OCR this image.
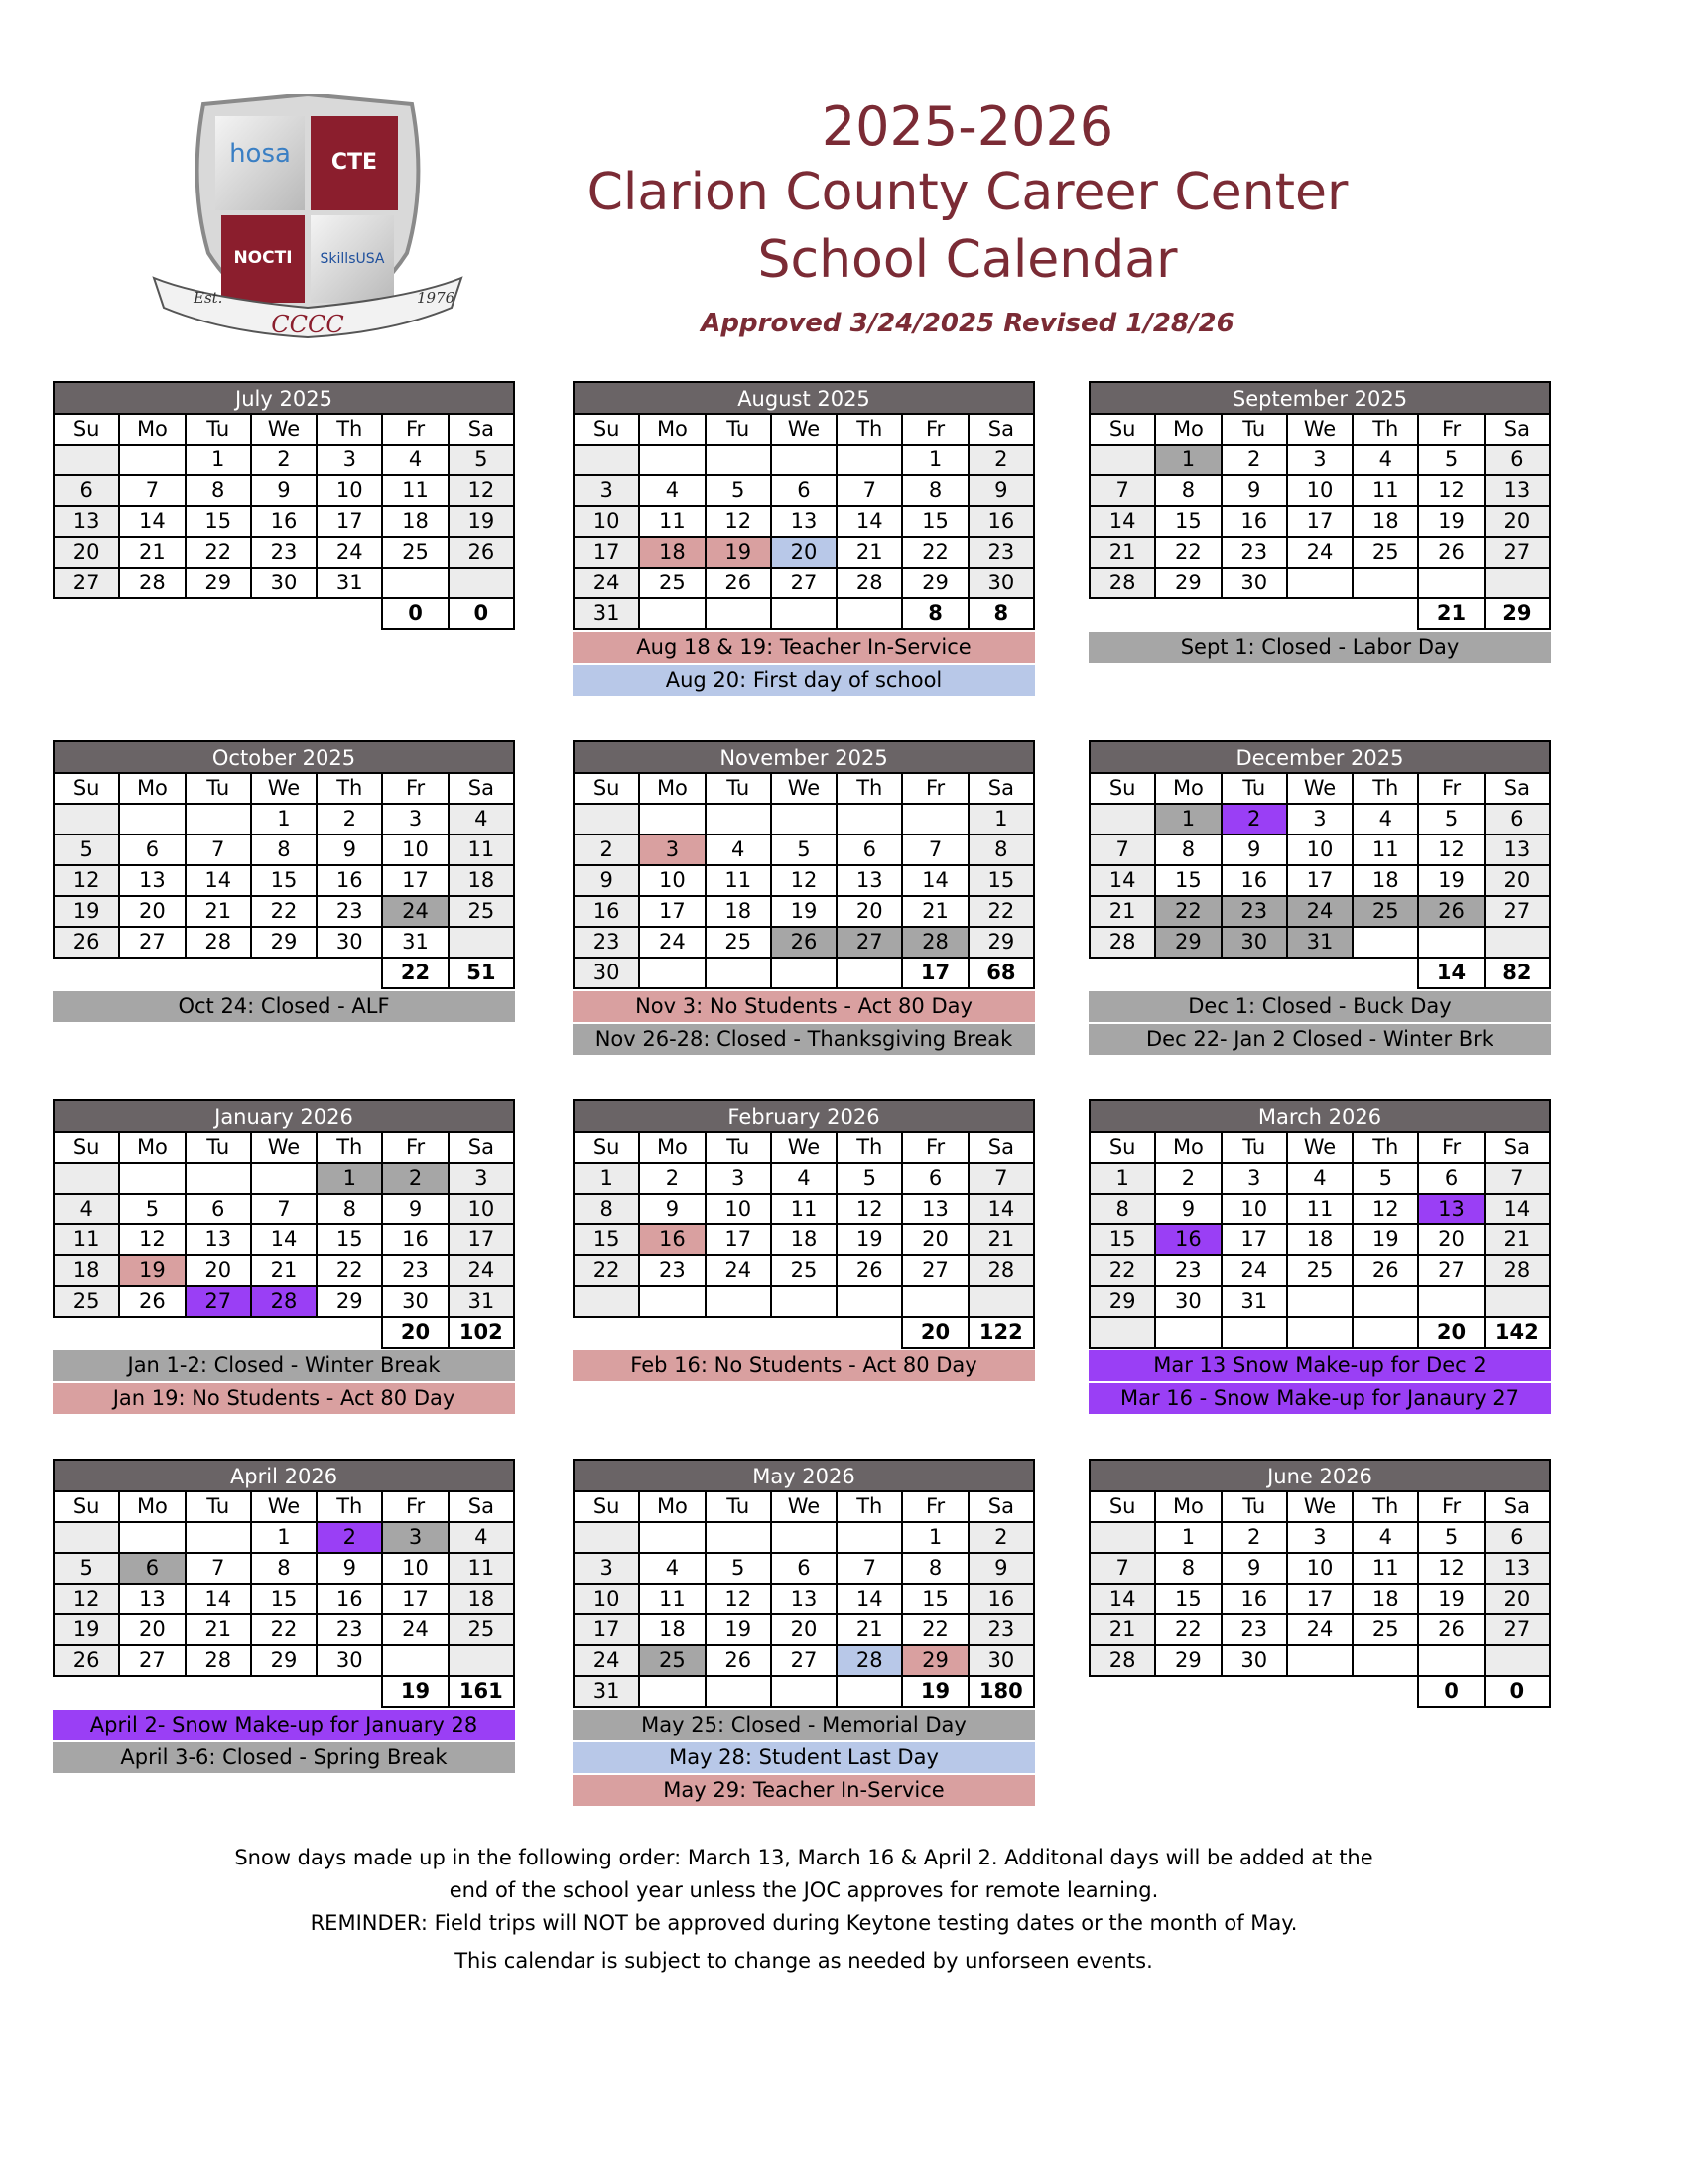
hosa CTE
NOCTI SkillsUSA
Est.	1976
CCCC
2025-2026
Clarion County Career Center
School Calendar
Approved 3/24/2025 Revised 1/28/26
July 2025
Su	Mo	Tu	We	Th	Fr	Sa
		1	2	3	4	5
6	7	8	9	10	11	12
13	14	15	16	17	18	19
20	21	22	23	24	25	26
27	28	29	30	31		
					0	0
August 2025
Su	Mo	Tu	We	Th	Fr	Sa
					1	2
3	4	5	6	7	8	9
10	11	12	13	14	15	16
17	18	19	20	21	22	23
24	25	26	27	28	29	30
31					8	8
Aug 18 & 19: Teacher In-Service
Aug 20: First day of school
September 2025
Su	Mo	Tu	We	Th	Fr	Sa
	1	2	3	4	5	6
7	8	9	10	11	12	13
14	15	16	17	18	19	20
21	22	23	24	25	26	27
28	29	30				
					21	29
Sept 1: Closed - Labor Day
October 2025
Su	Mo	Tu	We	Th	Fr	Sa
			1	2	3	4
5	6	7	8	9	10	11
12	13	14	15	16	17	18
19	20	21	22	23	24	25
26	27	28	29	30	31	
					22	51
Oct 24: Closed - ALF
November 2025
Su	Mo	Tu	We	Th	Fr	Sa
						1
2	3	4	5	6	7	8
9	10	11	12	13	14	15
16	17	18	19	20	21	22
23	24	25	26	27	28	29
30					17	68
Nov 3: No Students - Act 80 Day
Nov 26-28: Closed - Thanksgiving Break
December 2025
Su	Mo	Tu	We	Th	Fr	Sa
	1	2	3	4	5	6
7	8	9	10	11	12	13
14	15	16	17	18	19	20
21	22	23	24	25	26	27
28	29	30	31			
					14	82
Dec 1: Closed - Buck Day
Dec 22- Jan 2 Closed - Winter Brk
January 2026
Su	Mo	Tu	We	Th	Fr	Sa
				1	2	3
4	5	6	7	8	9	10
11	12	13	14	15	16	17
18	19	20	21	22	23	24
25	26	27	28	29	30	31
					20	102
Jan 1-2: Closed - Winter Break
Jan 19: No Students - Act 80 Day
February 2026
Su	Mo	Tu	We	Th	Fr	Sa
1	2	3	4	5	6	7
8	9	10	11	12	13	14
15	16	17	18	19	20	21
22	23	24	25	26	27	28

					20	122
Feb 16: No Students - Act 80 Day
March 2026
Su	Mo	Tu	We	Th	Fr	Sa
1	2	3	4	5	6	7
8	9	10	11	12	13	14
15	16	17	18	19	20	21
22	23	24	25	26	27	28
29	30	31				
					20	142
Mar 13 Snow Make-up for Dec 2
Mar 16 - Snow Make-up for Janaury 27
April 2026
Su	Mo	Tu	We	Th	Fr	Sa
			1	2	3	4
5	6	7	8	9	10	11
12	13	14	15	16	17	18
19	20	21	22	23	24	25
26	27	28	29	30		
					19	161
April 2- Snow Make-up for January 28
April 3-6: Closed - Spring Break
May 2026
Su	Mo	Tu	We	Th	Fr	Sa
					1	2
3	4	5	6	7	8	9
10	11	12	13	14	15	16
17	18	19	20	21	22	23
24	25	26	27	28	29	30
31					19	180
May 25: Closed - Memorial Day
May 28: Student Last Day
May 29: Teacher In-Service
June 2026
Su	Mo	Tu	We	Th	Fr	Sa
	1	2	3	4	5	6
7	8	9	10	11	12	13
14	15	16	17	18	19	20
21	22	23	24	25	26	27
28	29	30				
					0	0
Snow days made up in the following order: March 13, March 16 & April 2. Additonal days will be added at the
end of the school year unless the JOC approves for remote learning.
REMINDER: Field trips will NOT be approved during Keytone testing dates or the month of May.
This calendar is subject to change as needed by unforseen events.
